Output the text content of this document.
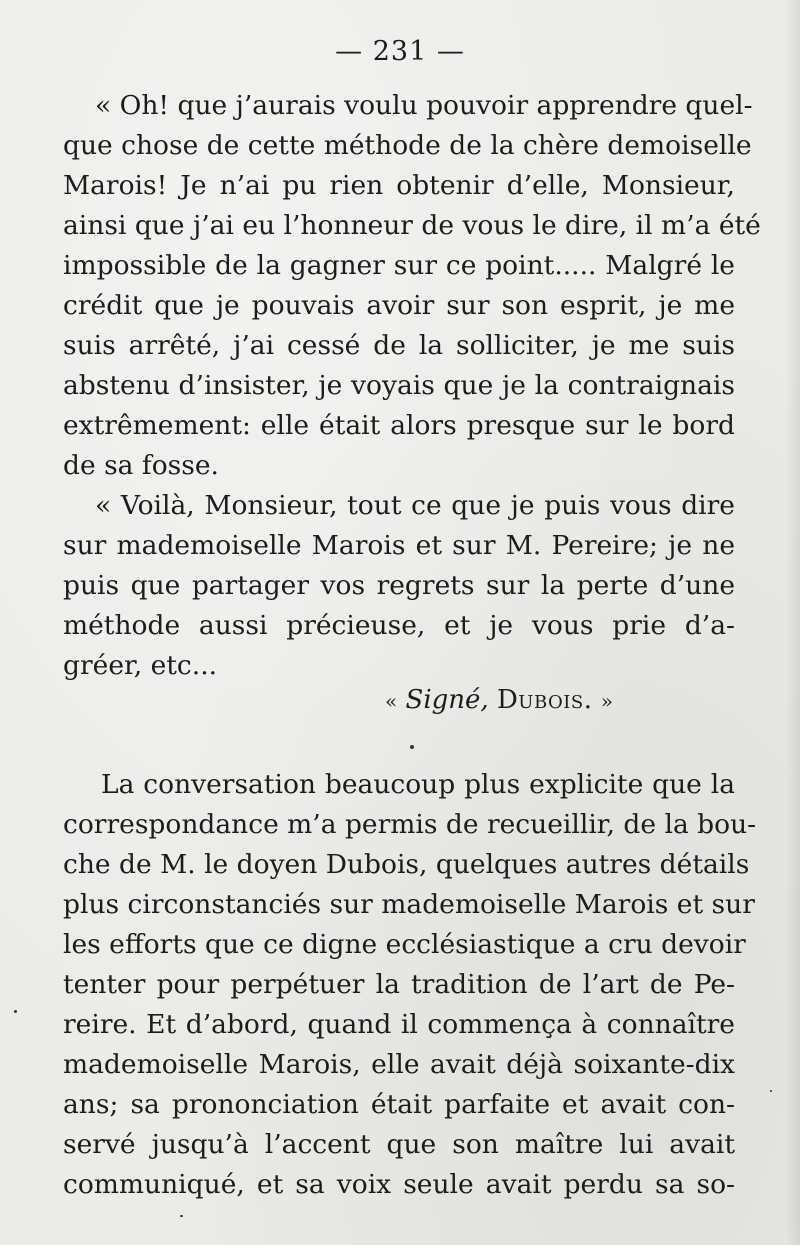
— 231 —
« Oh! que j’aurais voulu pouvoir apprendre quel-
que chose de cette méthode de la chère demoiselle
Marois! Je n’ai pu rien obtenir d’elle, Monsieur,
ainsi que j’ai eu l’honneur de vous le dire, il m’a été
impossible de la gagner sur ce point..... Malgré le
crédit que je pouvais avoir sur son esprit, je me
suis arrêté, j’ai cessé de la solliciter, je me suis
abstenu d’insister, je voyais que je la contraignais
extrêmement: elle était alors presque sur le bord
de sa fosse.
« Voilà, Monsieur, tout ce que je puis vous dire
sur mademoiselle Marois et sur M. Pereire; je ne
puis que partager vos regrets sur la perte d’une
méthode aussi précieuse, et je vous prie d’a-
gréer, etc...
« Signé, Dubois. »
La conversation beaucoup plus explicite que la
correspondance m’a permis de recueillir, de la bou-
che de M. le doyen Dubois, quelques autres détails
plus circonstanciés sur mademoiselle Marois et sur
les efforts que ce digne ecclésiastique a cru devoir
tenter pour perpétuer la tradition de l’art de Pe-
reire. Et d’abord, quand il commença à connaître
mademoiselle Marois, elle avait déjà soixante-dix
ans; sa prononciation était parfaite et avait con-
servé jusqu’à l’accent que son maître lui avait
communiqué, et sa voix seule avait perdu sa so-
